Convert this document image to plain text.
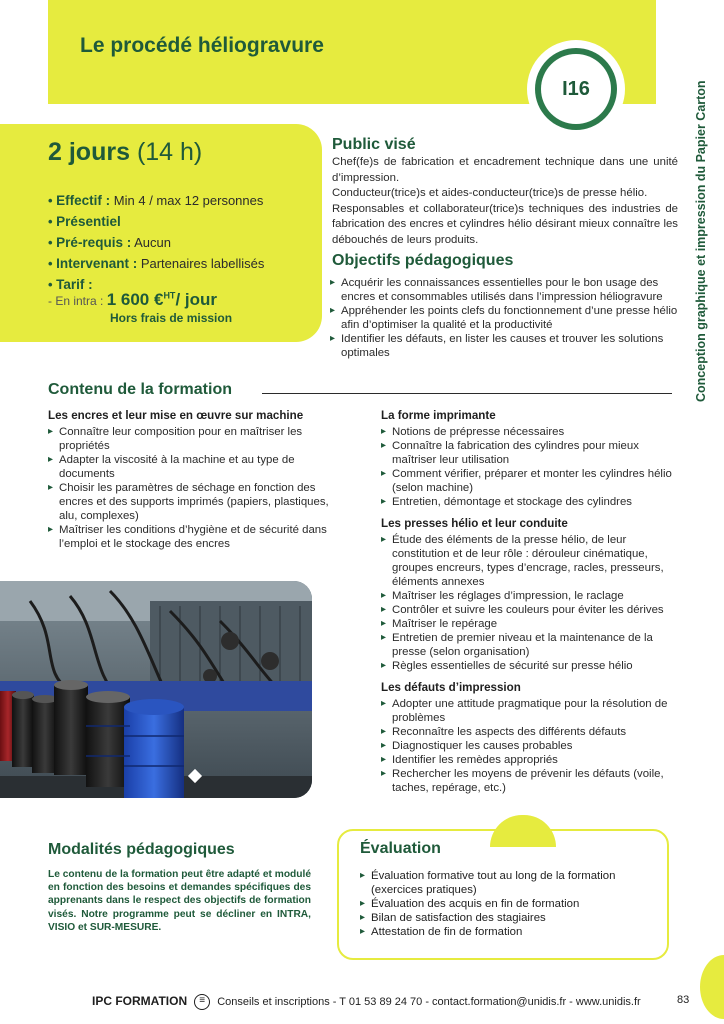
Le procédé héliogravure
I16	Conception graphique et impression du Papier Carton
2 jours (14 h)
• Effectif : Min 4 / max 12 personnes
• Présentiel
• Pré-requis : Aucun
• Intervenant : Partenaires labellisés
• Tarif :
- En intra : 1 600 €$^{HT}$/ jour
Hors frais de mission
Public visé

Chef(fe)s de fabrication et encadrement technique dans une unité d’impression.

Conducteur(trice)s et aides-conducteur(trice)s de presse hélio.

Responsables et collaborateur(trice)s techniques des industries de fabrication des encres et cylindres hélio désirant mieux connaître les débouchés de leurs produits.

Objectifs pédagogiques
▸ Acquérir les connaissances essentielles pour le bon usage des encres et consommables utilisés dans l’impression héliogravure
▸ Appréhender les points clefs du fonctionnement d’une presse hélio afin d’optimiser la qualité et la productivité
▸ Identifier les défauts, en lister les causes et trouver les solutions optimales
Contenu de la formation
Les encres et leur mise en œuvre sur machine
▸ Connaître leur composition pour en maîtriser les propriétés
▸ Adapter la viscosité à la machine et au type de documents
▸ Choisir les paramètres de séchage en fonction des encres et des supports imprimés (papiers, plastiques, alu, complexes)
▸ Maîtriser les conditions d’hygiène et de sécurité dans l’emploi et le stockage des encres
La forme imprimante
▸ Notions de prépresse nécessaires
▸ Connaître la fabrication des cylindres pour mieux maîtriser leur utilisation
▸ Comment vérifier, préparer et monter les cylindres hélio (selon machine)
▸ Entretien, démontage et stockage des cylindres
Les presses hélio et leur conduite
▸ Étude des éléments de la presse hélio, de leur constitution et de leur rôle : dérouleur cinématique, groupes encreurs, types d’encrage, racles, presseurs, éléments annexes
▸ Maîtriser les réglages d’impression, le raclage
▸ Contrôler et suivre les couleurs pour éviter les dérives
▸ Maîtriser le repérage
▸ Entretien de premier niveau et la maintenance de la presse (selon organisation)
▸ Règles essentielles de sécurité sur presse hélio
Les défauts d’impression
▸ Adopter une attitude pragmatique pour la résolution de problèmes
▸ Reconnaître les aspects des différents défauts
▸ Diagnostiquer les causes probables
▸ Identifier les remèdes appropriés
▸ Rechercher les moyens de prévenir les défauts (voile, taches, repérage, etc.)
Modalités pédagogiques

Le contenu de la formation peut être adapté et modulé en fonction des besoins et demandes spécifiques des apprenants dans le respect des objectifs de formation visés. Notre programme peut se décliner en INTRA, VISIO et SUR-MESURE.

Évaluation
▸ Évaluation formative tout au long de la formation (exercices pratiques)
▸ Évaluation des acquis en fin de formation
▸ Bilan de satisfaction des stagiaires
▸ Attestation de fin de formation
IPC FORMATION ≡ Conseils et inscriptions - T 01 53 89 24 70 - contact.formation@unidis.fr - www.unidis.fr	83
